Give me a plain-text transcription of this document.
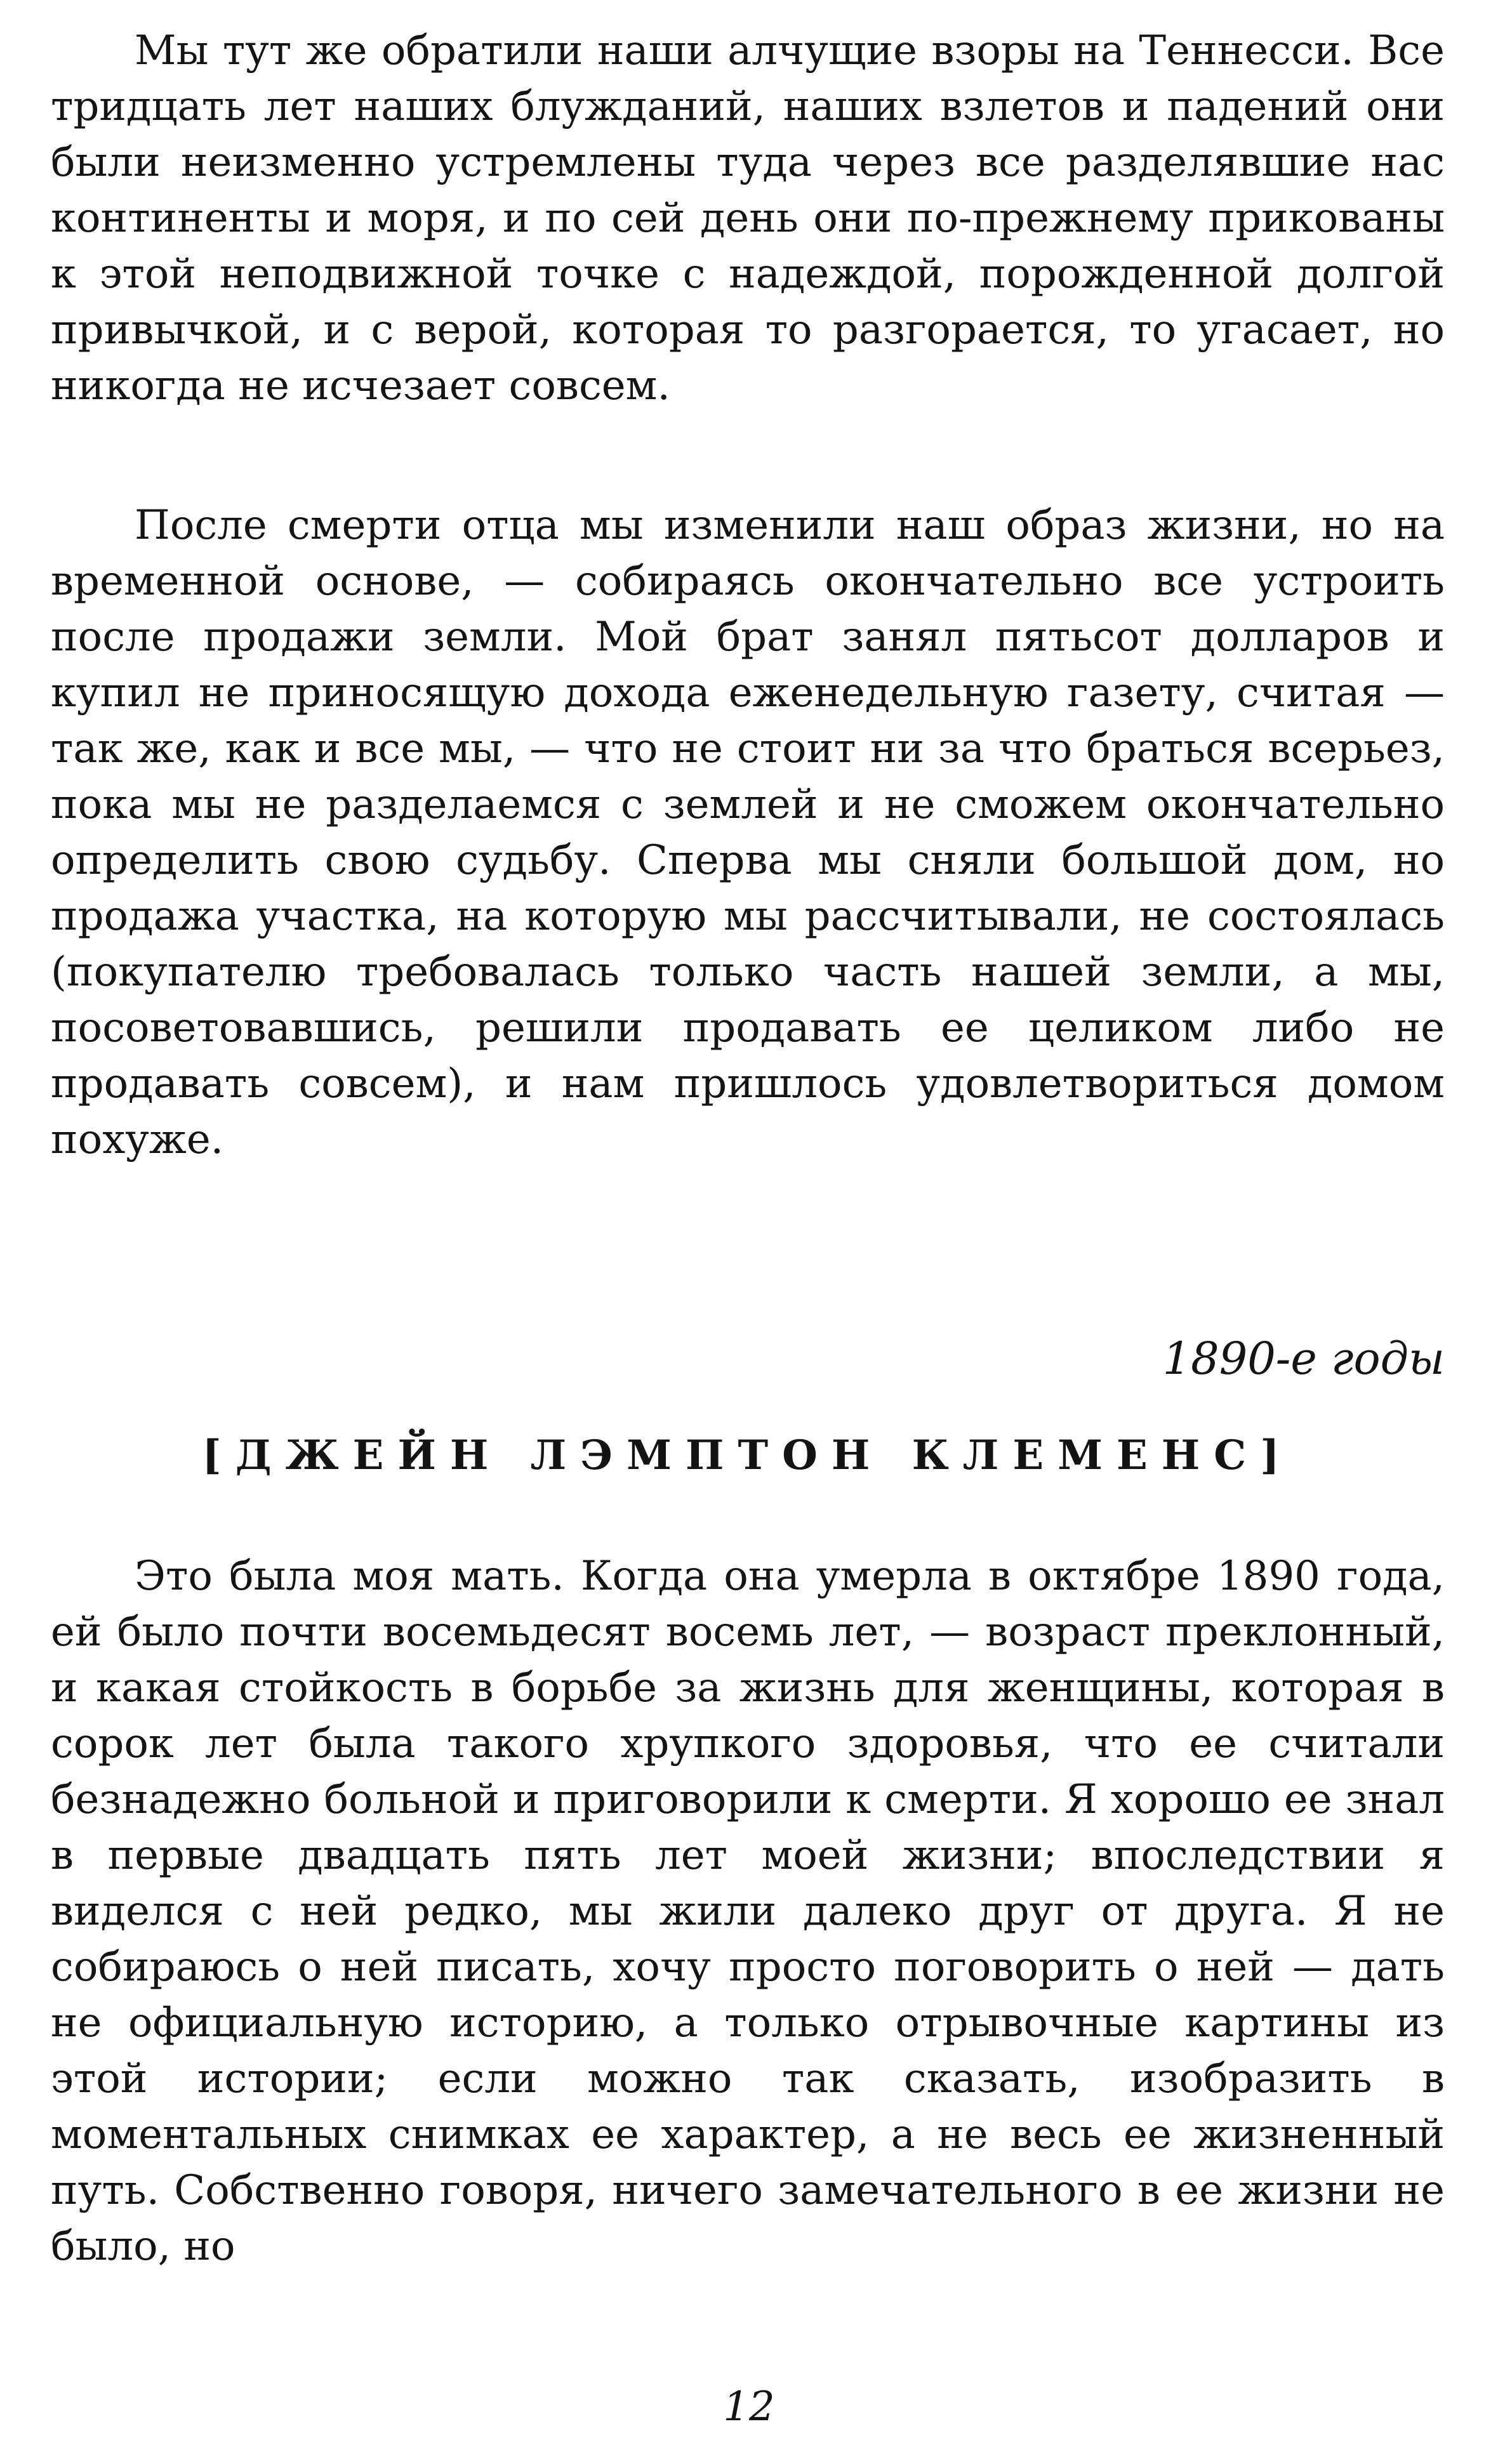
Мы тут же обратили наши алчущие взоры на Теннесси. Все тридцать лет наших блужданий, наших взлетов и падений они были неизменно устремлены туда через все разделявшие нас континенты и моря, и по сей день они по-прежнему прикованы к этой неподвижной точке с надеждой, порожденной долгой привычкой, и с верой, которая то разгорается, то угасает, но никогда не исчезает совсем.

После смерти отца мы изменили наш образ жизни, но на временной основе, — собираясь окончательно все устроить после продажи земли. Мой брат занял пятьсот долларов и купил не приносящую дохода еженедельную газету, считая — так же, как и все мы, — что не стоит ни за что браться всерьез, пока мы не разделаемся с землей и не сможем окончательно определить свою судьбу. Сперва мы сняли большой дом, но продажа участка, на которую мы рассчитывали, не состоялась (покупателю требовалась только часть нашей земли, а мы, посоветовавшись, решили продавать ее целиком либо не продавать совсем), и нам пришлось удовлетвориться домом похуже.

1890-е годы

[ДЖЕЙН ЛЭМПТОН КЛЕМЕНС]

Это была моя мать. Когда она умерла в октябре 1890 года, ей было почти восемьдесят восемь лет, — возраст преклонный, и какая стойкость в борьбе за жизнь для женщины, которая в сорок лет была такого хрупкого здоровья, что ее считали безнадежно больной и приговорили к смерти. Я хорошо ее знал в первые двадцать пять лет моей жизни; впоследствии я виделся с ней редко, мы жили далеко друг от друга. Я не собираюсь о ней писать, хочу просто поговорить о ней — дать не официальную историю, а только отрывочные картины из этой истории; если можно так сказать, изобразить в моментальных снимках ее характер, а не весь ее жизненный путь. Собственно говоря, ничего замечательного в ее жизни не было, но

12
